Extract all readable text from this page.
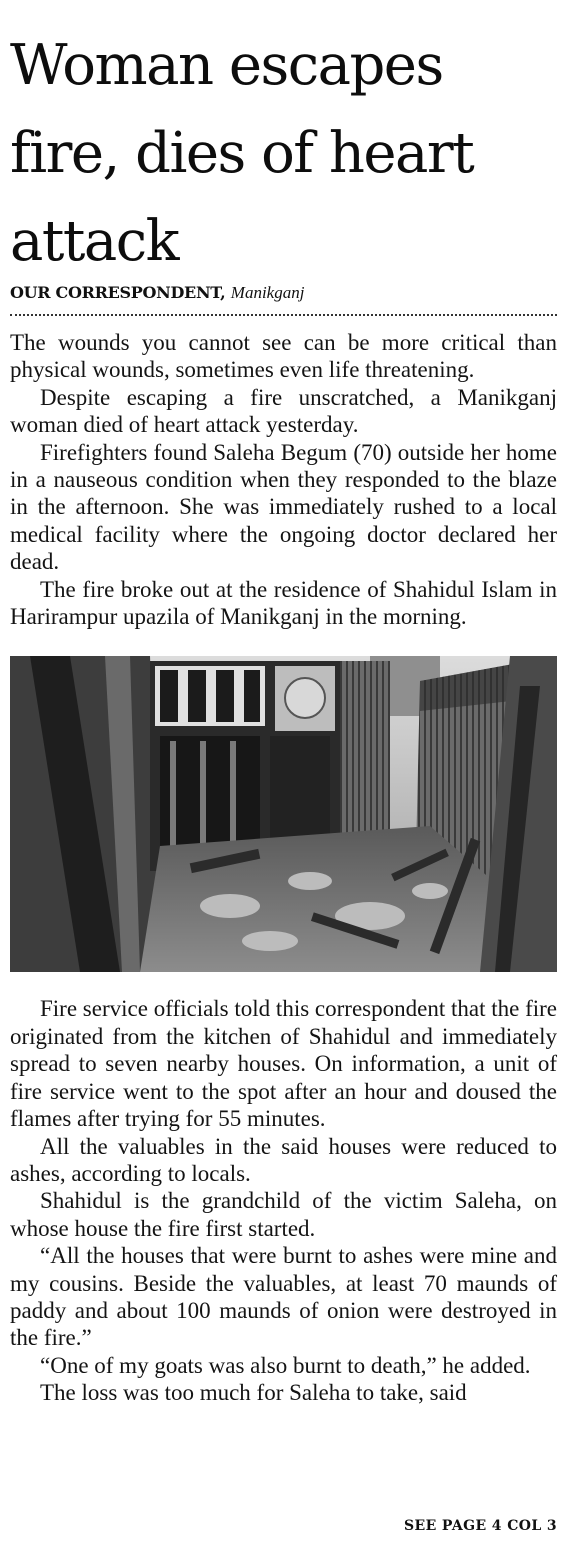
Woman escapes fire, dies of heart attack
OUR CORRESPONDENT, Manikganj

The wounds you cannot see can be more critical than physical wounds, sometimes even life threatening.

Despite escaping a fire unscratched, a Manikganj woman died of heart attack yesterday.

Firefighters found Saleha Begum (70) outside her home in a nauseous condition when they responded to the blaze in the afternoon. She was immediately rushed to a local medical facility where the ongoing doctor declared her dead.

The fire broke out at the residence of Shahidul Islam in Harirampur upazila of Manikganj in the morning.

Fire service officials told this correspondent that the fire originated from the kitchen of Shahidul and immediately spread to seven nearby houses. On information, a unit of fire service went to the spot after an hour and doused the flames after trying for 55 minutes.

All the valuables in the said houses were reduced to ashes, according to locals.

Shahidul is the grandchild of the victim Saleha, on whose house the fire first started.

“All the houses that were burnt to ashes were mine and my cousins. Beside the valuables, at least 70 maunds of paddy and about 100 maunds of onion were destroyed in the fire.”

“One of my goats was also burnt to death,” he added.

The loss was too much for Saleha to take, said

SEE PAGE 4 COL 3
